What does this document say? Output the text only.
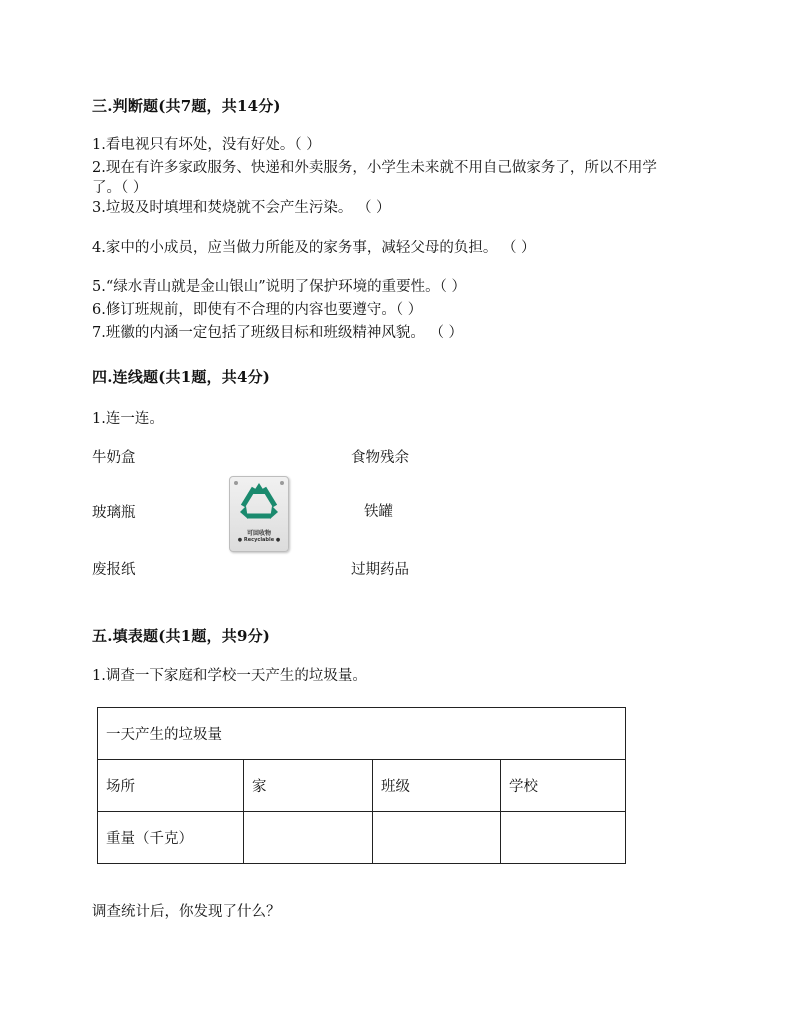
三.判断题(共7题，共14分)
1.看电视只有坏处，没有好处。（ ）
2.现在有许多家政服务、快递和外卖服务，小学生未来就不用自己做家务了，所以不用学
了。（ ）
3.垃圾及时填埋和焚烧就不会产生污染。 （ ）
4.家中的小成员，应当做力所能及的家务事，减轻父母的负担。 （ ）
5.“绿水青山就是金山银山”说明了保护环境的重要性。（ ）
6.修订班规前，即使有不合理的内容也要遵守。（ ）
7.班徽的内涵一定包括了班级目标和班级精神风貌。 （ ）
四.连线题(共1题，共4分)
1.连一连。
牛奶盒
玻璃瓶
废报纸
食物残余
铁罐
过期药品
可回收物
● Recyclable ●
五.填表题(共1题，共9分)
1.调查一下家庭和学校一天产生的垃圾量。
一天产生的垃圾量			
场所	家	班级	学校
重量（千克）			
调查统计后，你发现了什么？
